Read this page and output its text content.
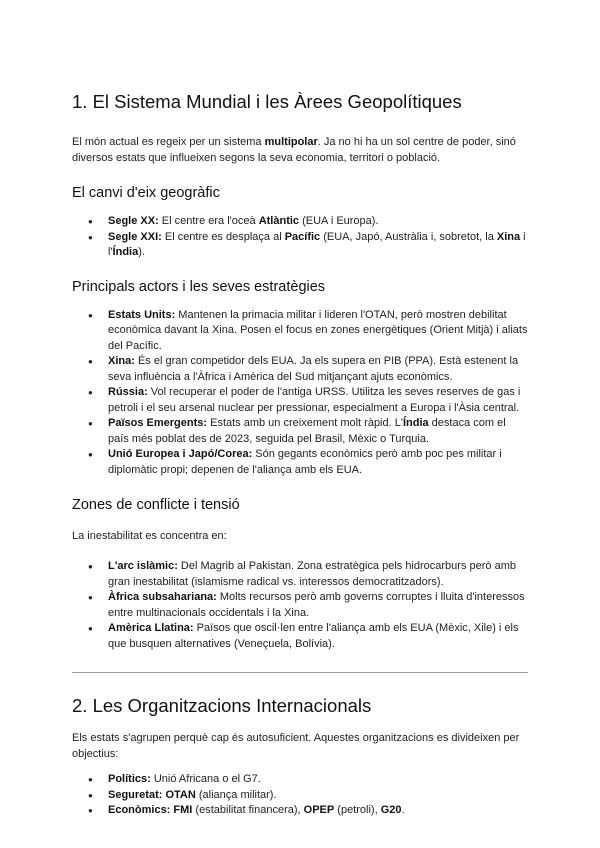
1. El Sistema Mundial i les Àrees Geopolítiques

El món actual es regeix per un sistema multipolar. Ja no hi ha un sol centre de poder, sinó diversos estats que influeixen segons la seva economia, territori o població.

El canvi d'eix geogràfic
● Segle XX: El centre era l'oceà Atlàntic (EUA i Europa).
● Segle XXI: El centre es desplaça al Pacífic (EUA, Japó, Austràlia i, sobretot, la Xina i l'Índia).
Principals actors i les seves estratègies
● Estats Units: Mantenen la primacia militar i lideren l'OTAN, però mostren debilitat econòmica davant la Xina. Posen el focus en zones energètiques (Orient Mitjà) i aliats del Pacífic.
● Xina: És el gran competidor dels EUA. Ja els supera en PIB (PPA). Està estenent la seva influència a l'Àfrica i Amèrica del Sud mitjançant ajuts econòmics.
● Rússia: Vol recuperar el poder de l'antiga URSS. Utilitza les seves reserves de gas i petroli i el seu arsenal nuclear per pressionar, especialment a Europa i l'Àsia central.
● Països Emergents: Estats amb un creixement molt ràpid. L'Índia destaca com el país més poblat des de 2023, seguida pel Brasil, Mèxic o Turquia.
● Unió Europea i Japó/Corea: Són gegants econòmics però amb poc pes militar i diplomàtic propi; depenen de l'aliança amb els EUA.
Zones de conflicte i tensió

La inestabilitat es concentra en:

● L'arc islàmic: Del Magrib al Pakistan. Zona estratègica pels hidrocarburs però amb gran inestabilitat (islamisme radical vs. interessos democratitzadors).
● Àfrica subsahariana: Molts recursos però amb governs corruptes i lluita d'interessos entre multinacionals occidentals i la Xina.
● Amèrica Llatina: Països que oscil·len entre l'aliança amb els EUA (Mèxic, Xile) i els que busquen alternatives (Veneçuela, Bolívia).
2. Les Organitzacions Internacionals

Els estats s'agrupen perquè cap és autosuficient. Aquestes organitzacions es divideixen per objectius:

● Polítics: Unió Africana o el G7.
● Seguretat: OTAN (aliança militar).
● Econòmics: FMI (estabilitat financera), OPEP (petroli), G20.
